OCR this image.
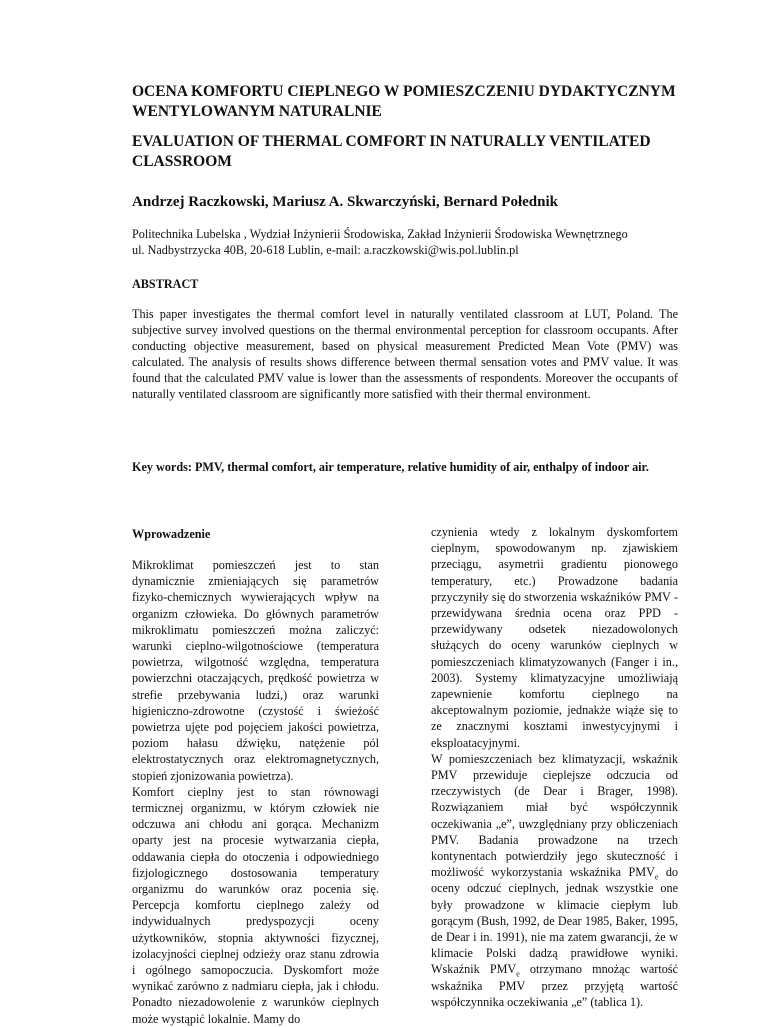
OCENA KOMFORTU CIEPLNEGO W POMIESZCZENIU DYDAKTYCZNYM WENTYLOWANYM NATURALNIE
EVALUATION OF THERMAL COMFORT IN NATURALLY VENTILATED CLASSROOM

Andrzej Raczkowski, Mariusz A. Skwarczyński, Bernard Połednik

Politechnika Lubelska , Wydział Inżynierii Środowiska, Zakład Inżynierii Środowiska Wewnętrznego
ul. Nadbystrzycka 40B, 20-618 Lublin, e-mail: a.raczkowski@wis.pol.lublin.pl

ABSTRACT

This paper investigates the thermal comfort level in naturally ventilated classroom at LUT, Poland. The subjective survey involved questions on the thermal environmental perception for classroom occupants. After conducting objective measurement, based on physical measurement Predicted Mean Vote (PMV) was calculated. The analysis of results shows difference between thermal sensation votes and PMV value. It was found that the calculated PMV value is lower than the assessments of respondents. Moreover the occupants of naturally ventilated classroom are significantly more satisfied with their thermal environment.

Key words: PMV, thermal comfort, air temperature, relative humidity of air, enthalpy of indoor air.

Wprowadzenie

Mikroklimat pomieszczeń jest to stan dynamicznie zmieniających się parametrów fizyko-chemicznych wywierających wpływ na organizm człowieka. Do głównych parametrów mikroklimatu pomieszczeń można zaliczyć: warunki cieplno-wilgotnościowe (temperatura powietrza, wilgotność względna, temperatura powierzchni otaczających, prędkość powietrza w strefie przebywania ludzi,) oraz warunki higieniczno-zdrowotne (czystość i świeżość powietrza ujęte pod pojęciem jakości powietrza, poziom hałasu dźwięku, natężenie pól elektrostatycznych oraz elektromagnetycznych, stopień zjonizowania powietrza).

Komfort cieplny jest to stan równowagi termicznej organizmu, w którym człowiek nie odczuwa ani chłodu ani gorąca. Mechanizm oparty jest na procesie wytwarzania ciepła, oddawania ciepła do otoczenia i odpowiedniego fizjologicznego dostosowania temperatury organizmu do warunków oraz pocenia się. Percepcja komfortu cieplnego zależy od indywidualnych predyspozycji oceny użytkowników, stopnia aktywności fizycznej, izolacyjności cieplnej odzieży oraz stanu zdrowia i ogólnego samopoczucia. Dyskomfort może wynikać zarówno z nadmiaru ciepła, jak i chłodu. Ponadto niezadowolenie z warunków cieplnych może wystąpić lokalnie. Mamy do

czynienia wtedy z lokalnym dyskomfortem cieplnym, spowodowanym np. zjawiskiem przeciągu, asymetrii gradientu pionowego temperatury, etc.) Prowadzone badania przyczyniły się do stworzenia wskaźników PMV - przewidywana średnia ocena oraz PPD - przewidywany odsetek niezadowolonych służących do oceny warunków cieplnych w pomieszczeniach klimatyzowanych (Fanger i in., 2003). Systemy klimatyzacyjne umożliwiają zapewnienie komfortu cieplnego na akceptowalnym poziomie, jednakże wiąże się to ze znacznymi kosztami inwestycyjnymi i eksploatacyjnymi.

W pomieszczeniach bez klimatyzacji, wskaźnik PMV przewiduje cieplejsze odczucia od rzeczywistych (de Dear i Brager, 1998). Rozwiązaniem miał być współczynnik oczekiwania „e”, uwzględniany przy obliczeniach PMV. Badania prowadzone na trzech kontynentach potwierdziły jego skuteczność i możliwość wykorzystania wskaźnika $PMV_e$ do oceny odczuć cieplnych, jednak wszystkie one były prowadzone w klimacie ciepłym lub gorącym (Bush, 1992, de Dear 1985, Baker, 1995, de Dear i in. 1991), nie ma zatem gwarancji, że w klimacie Polski dadzą prawidłowe wyniki. Wskaźnik $PMV_e$ otrzymano mnożąc wartość wskaźnika PMV przez przyjętą wartość współczynnika oczekiwania „e” (tablica 1).
